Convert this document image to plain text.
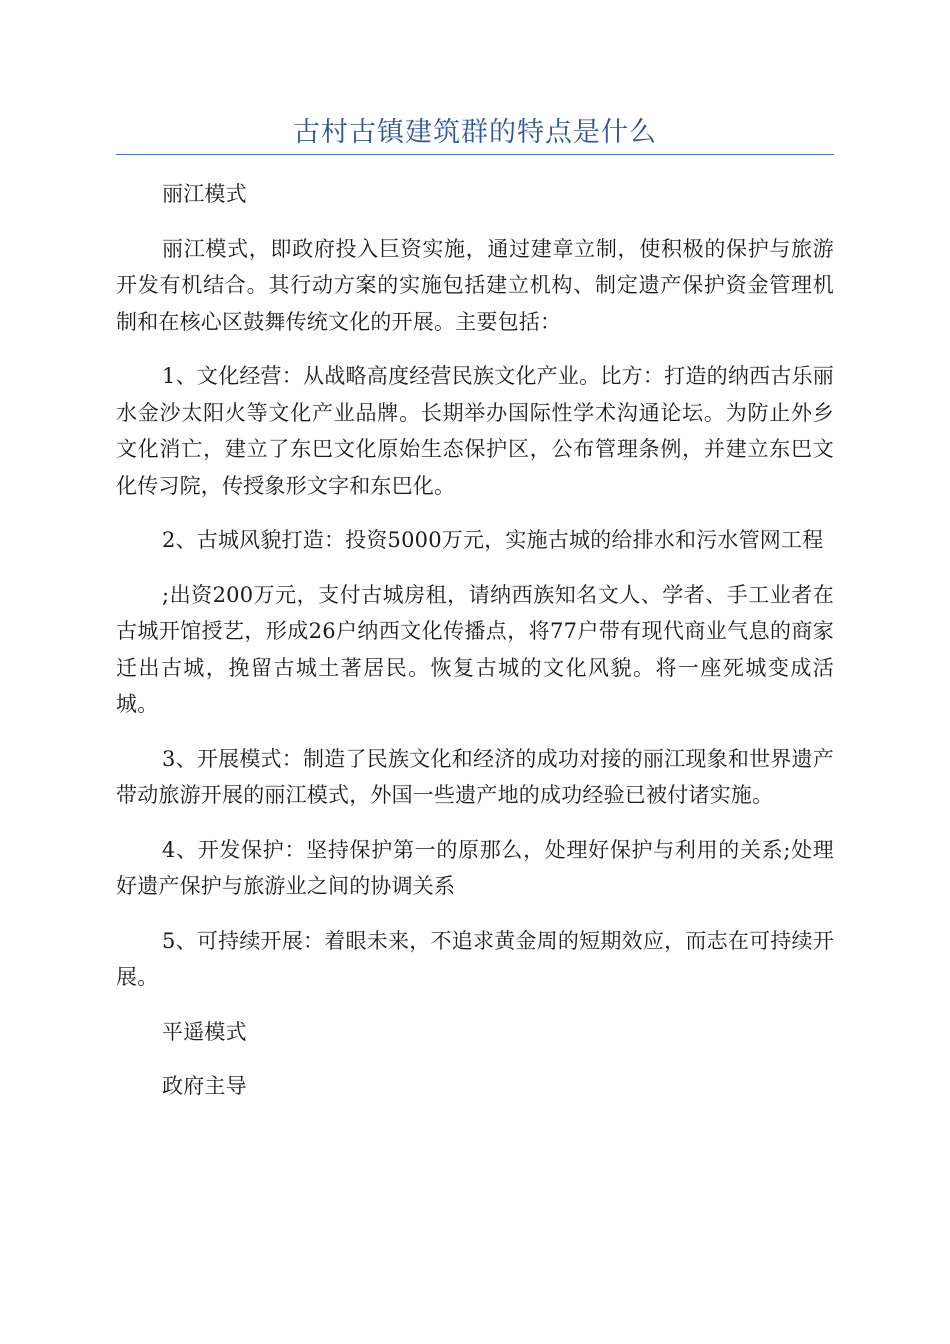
古村古镇建筑群的特点是什么

丽江模式

丽江模式，即政府投入巨资实施，通过建章立制，使积极的保护与旅游开发有机结合。其行动方案的实施包括建立机构、制定遗产保护资金管理机制和在核心区鼓舞传统文化的开展。主要包括：

1、文化经营：从战略高度经营民族文化产业。比方：打造的纳西古乐丽水金沙太阳火等文化产业品牌。长期举办国际性学术沟通论坛。为防止外乡文化消亡，建立了东巴文化原始生态保护区，公布管理条例，并建立东巴文化传习院，传授象形文字和东巴化。

2、古城风貌打造：投资5000万元，实施古城的给排水和污水管网工程

;出资200万元，支付古城房租，请纳西族知名文人、学者、手工业者在古城开馆授艺，形成26户纳西文化传播点，将77户带有现代商业气息的商家迁出古城，挽留古城土著居民。恢复古城的文化风貌。将一座死城变成活城。

3、开展模式：制造了民族文化和经济的成功对接的丽江现象和世界遗产带动旅游开展的丽江模式，外国一些遗产地的成功经验已被付诸实施。

4、开发保护：坚持保护第一的原那么，处理好保护与利用的关系;处理好遗产保护与旅游业之间的协调关系

5、可持续开展：着眼未来，不追求黄金周的短期效应，而志在可持续开展。

平遥模式

政府主导
